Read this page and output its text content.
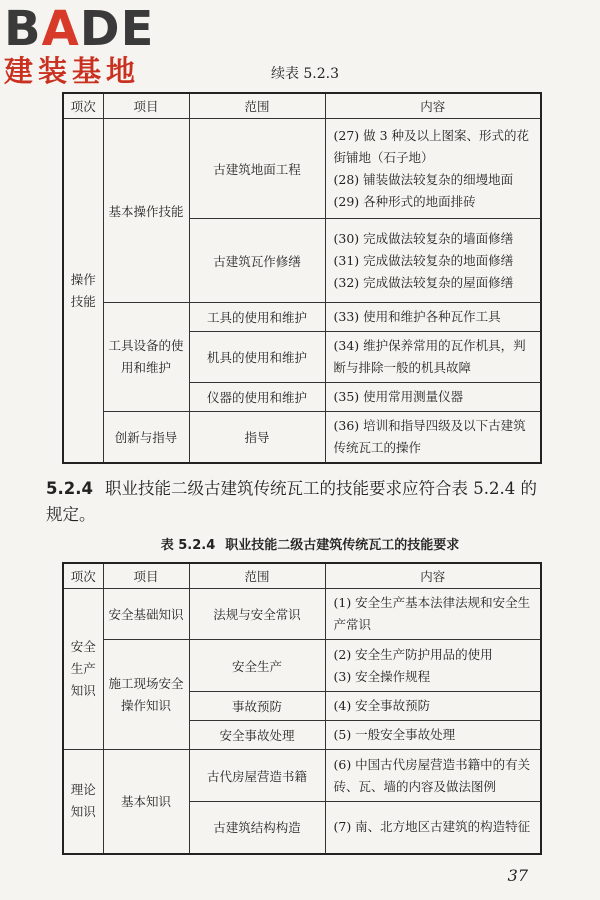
BADE
建装基地	续表 5.2.3
项次	项目	范围	内容
操作技能	基本操作技能	古建筑地面工程	(27) 做 3 种及以上图案、形式的花街铺地（石子地）
(28) 铺装做法较复杂的细墁地面
(29) 各种形式的地面排砖

		古建筑瓦作修缮	(30) 完成做法较复杂的墙面修缮
(31) 完成做法较复杂的地面修缮
(32) 完成做法较复杂的屋面修缮

	工具设备的使用和维护	工具的使用和维护	(33) 使用和维护各种瓦作工具

		机具的使用和维护	(34) 维护保养常用的瓦作机具，判断与排除一般的机具故障

		仪器的使用和维护	(35) 使用常用测量仪器

	创新与指导	指导	(36) 培训和指导四级及以下古建筑传统瓦工的操作
5.2.4 职业技能二级古建筑传统瓦工的技能要求应符合表 5.2.4 的规定。
表 5.2.4 职业技能二级古建筑传统瓦工的技能要求
项次	项目	范围	内容
安全生产知识	安全基础知识	法规与安全常识	(1) 安全生产基本法律法规和安全生产常识

	施工现场安全操作知识	安全生产	(2) 安全生产防护用品的使用
(3) 安全操作规程

		事故预防	(4) 安全事故预防

		安全事故处理	(5) 一般安全事故处理

理论知识	基本知识	古代房屋营造书籍	(6) 中国古代房屋营造书籍中的有关砖、瓦、墙的内容及做法图例

		古建筑结构构造	(7) 南、北方地区古建筑的构造特征
37
